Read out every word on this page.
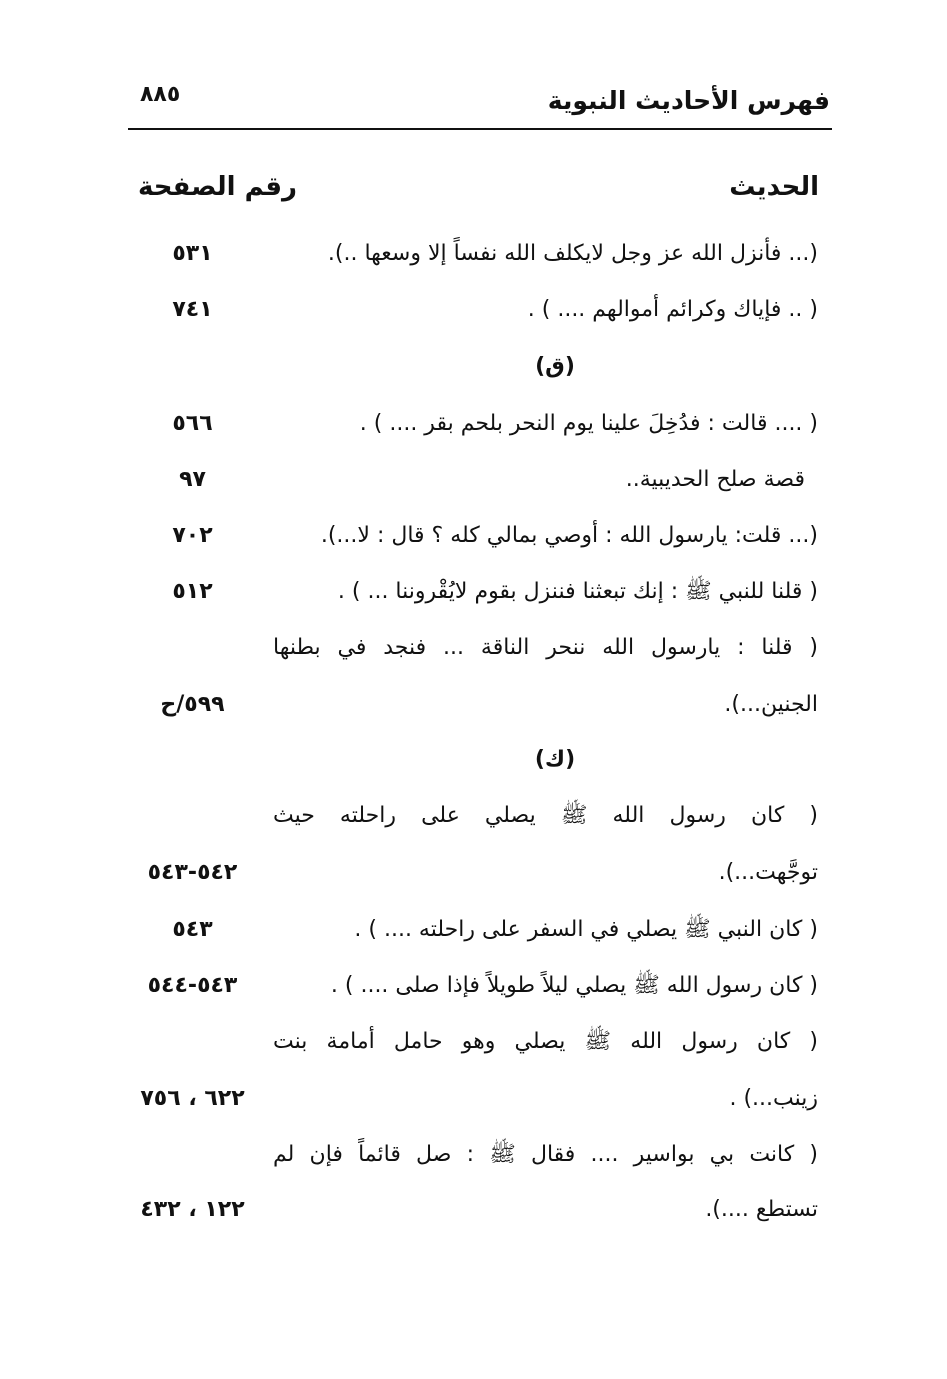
فهرس الأحاديث النبوية
٨٨٥
الحديث
رقم الصفحة
(... فأنزل الله عز وجل لايكلف الله نفساً إلا وسعها ..).
٥٣١
( .. فإياك وكرائم أموالهم .... ) .
٧٤١
(ق)
( .... قالت : فدُخِلَ علينا يوم النحر بلحم بقر .... ) .
٥٦٦
قصة صلح الحديبية..
٩٧
(... قلت: يارسول الله : أوصي بمالي كله ؟ قال : لا...).
٧٠٢
( قلنا للنبي ﷺ : إنك تبعثنا فننزل بقوم لايُقْروننا ... ) .
٥١٢
( قلنا : يارسول الله ننحر الناقة ... فنجد في بطنها
الجنين...).
٥٩٩/ح
(ك)
( كان رسول الله ﷺ يصلي على راحلته حيث
توجَّهت...).
٥٤٢-٥٤٣
( كان النبي ﷺ يصلي في السفر على راحلته .... ) .
٥٤٣
( كان رسول الله ﷺ يصلي ليلاً طويلاً فإذا صلى .... ) .
٥٤٣-٥٤٤
( كان رسول الله ﷺ يصلي وهو حامل أمامة بنت
زينب...) .
٦٢٢ ، ٧٥٦
( كانت بي بواسير .... فقال ﷺ : صل قائماً فإن لم
تستطع ....).
١٢٢ ، ٤٣٢
